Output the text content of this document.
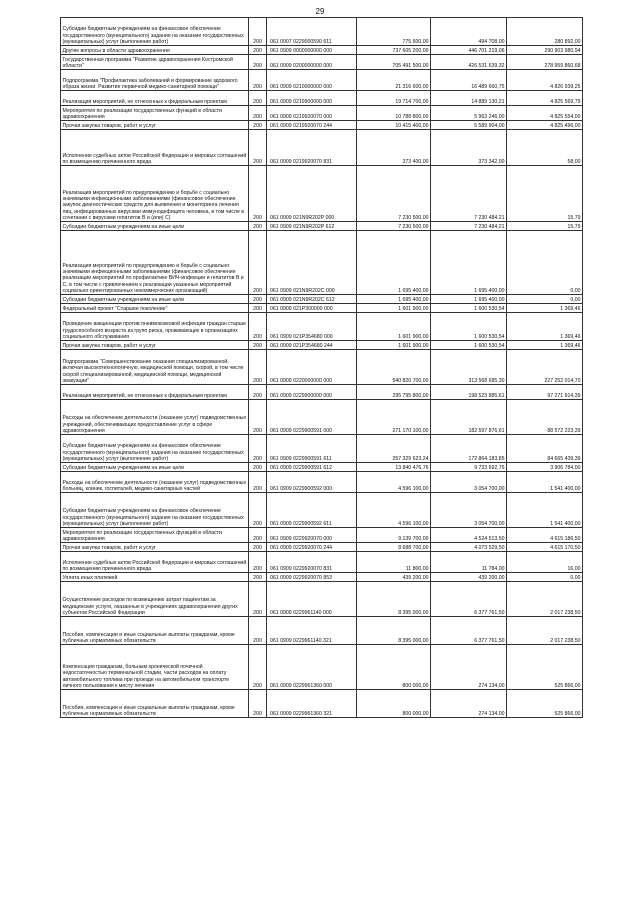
29
Субсидии бюджетным учреждениям на финансовое обеспечение государственного (муниципального) задания на оказание государственных (муниципальных) услуг (выполнение работ)	200	061 0907 0229000590 611	775 600,00	494 708,00	280 892,00
Другие вопросы в области здравоохранения	200	061 0909 0000000000 000	737 605 200,00	446 701 219,06	290 903 980,94
Государственная программа "Развитие здравоохранения Костромской области"	200	061 0909 0200000000 000	705 491 500,00	426 531 639,32	278 959 860,68
Подпрограмма "Профилактика заболеваний и формирование здорового образа жизни. Развитие первичной медико-санитарной помощи"	200	061 0909 0210000000 000	21 316 600,00	16 489 660,75	4 826 939,25
Реализация мероприятий, не отнесенных к федеральным проектам	200	061 0909 0219900000 000	19 714 700,00	14 889 130,21	4 825 569,79
Мероприятия по реализации государственных функций в области здравоохранения	200	061 0909 0219920070 000	10 788 800,00	5 963 246,00	4 825 554,00
Прочая закупка товаров, работ и услуг	200	061 0909 0219920070 244	10 415 400,00	5 589 904,00	4 825 496,00
Исполнение судебных актов Российской Федерации и мировых соглашений по возмещению причиненного вреда	200	061 0909 0219920070 831	373 400,00	373 342,00	58,00
Реализация мероприятий по предупреждению и борьбе с социально значимыми инфекционными заболеваниями (финансовое обеспечение закупок диагностических средств для выявления и мониторинга лечения лиц, инфицированных вирусами иммунодефицита человека, в том числе в сочетании с вирусами гепатитов В и (или) С)	200	061 0909 021N9R202P 000	7 230 500,00	7 230 484,21	15,79
Субсидии бюджетным учреждениям на иные цели	200	061 0909 021N9R202P 612	7 230 500,00	7 230 484,21	15,79
Реализация мероприятий по предупреждению и борьбе с социально значимыми инфекционными заболеваниями (финансовое обеспечение реализации мероприятий по профилактике ВИЧ-инфекции и гепатитов В и С, в том числе с привлечением к реализации указанных мероприятий социально ориентированных некоммерческих организаций)	200	061 0909 021N9R202C 000	1 695 400,00	1 695 400,00	0,00
Субсидии бюджетным учреждениям на иные цели	200	061 0909 021N9R202C 612	1 695 400,00	1 695 400,00	0,00
Федеральный проект "Старшее поколение"	200	061 0909 021P300000 000	1 601 900,00	1 600 530,54	1 369,46
Проведение вакцинации против пневмококковой инфекции граждан старше трудоспособного возраста из групп риска, проживающих в организациях социального обслуживания	200	061 0909 021P354680 000	1 601 900,00	1 600 530,54	1 369,46
Прочая закупка товаров, работ и услуг	200	061 0909 021P354680 244	1 601 900,00	1 600 530,54	1 369,46
Подпрограмма "Совершенствование оказания специализированной, включая высокотехнологичную, медицинской помощи, скорой, в том числе скорой специализированной, медицинской помощи, медицинской эвакуации"	200	061 0909 0220000000 000	540 820 700,00	313 568 685,30	227 252 014,70
Реализация мероприятий, не отнесенных к федеральным проектам	200	061 0909 0229900000 000	295 795 800,00	198 523 885,61	97 271 914,39
Расходы на обеспечение деятельности (оказание услуг) подведомственных учреждений, обеспечивающих предоставление услуг в сфере здравоохранения	200	061 0909 0229900591 000	271 170 100,00	182 597 876,61	88 572 223,39
Субсидии бюджетным учреждениям на финансовое обеспечение государственного (муниципального) задания на оказание государственных (муниципальных) услуг (выполнение работ)	200	061 0909 0229900591 611	257 329 623,24	172 864 183,85	84 665 439,39
Субсидии бюджетным учреждениям на иные цели	200	061 0909 0229900591 612	13 840 476,76	9 733 692,76	3 906 784,00
Расходы на обеспечение деятельности (оказание услуг) подведомственных больниц, клиник, госпиталей, медико-санитарных частей	200	061 0909 0229900592 000	4 596 100,00	3 054 700,00	1 541 400,00
Субсидии бюджетным учреждениям на финансовое обеспечение государственного (муниципального) задания на оказание государственных (муниципальных) услуг (выполнение работ)	200	061 0909 0229900592 611	4 596 100,00	3 054 700,00	1 541 400,00
Мероприятия по реализации государственных функций в области здравоохранения	200	061 0909 0229920070 000	9 139 700,00	4 524 513,50	4 615 186,50
Прочая закупка товаров, работ и услуг	200	061 0909 0229920070 244	8 688 700,00	4 073 529,50	4 615 170,50
Исполнение судебных актов Российской Федерации и мировых соглашений по возмещению причиненного вреда	200	061 0909 0229920070 831	11 800,00	11 784,00	16,00
Уплата иных платежей	200	061 0909 0229920070 853	439 200,00	439 200,00	0,00
Осуществление расходов по возмещению затрат пациентам за медицинские услуги, оказанные в учреждениях здравоохранения других субъектов Российской Федерации	200	061 0909 0229961140 000	8 395 000,00	6 377 761,50	2 017 238,50
Пособия, компенсации и иные социальные выплаты гражданам, кроме публичных нормативных обязательств	200	061 0909 0229961140 321	8 395 000,00	6 377 761,50	2 017 238,50
Компенсация гражданам, больным хронической почечной недостаточностью терминальной стадии, части расходов на оплату автомобильного топлива при проезде на автомобильном транспорте личного пользования к месту лечения	200	061 0909 0229961360 000	800 000,00	274 134,00	525 866,00
Пособия, компенсации и иные социальные выплаты гражданам, кроме публичных нормативных обязательств	200	061 0909 0229961360 321	800 000,00	274 134,00	525 866,00
